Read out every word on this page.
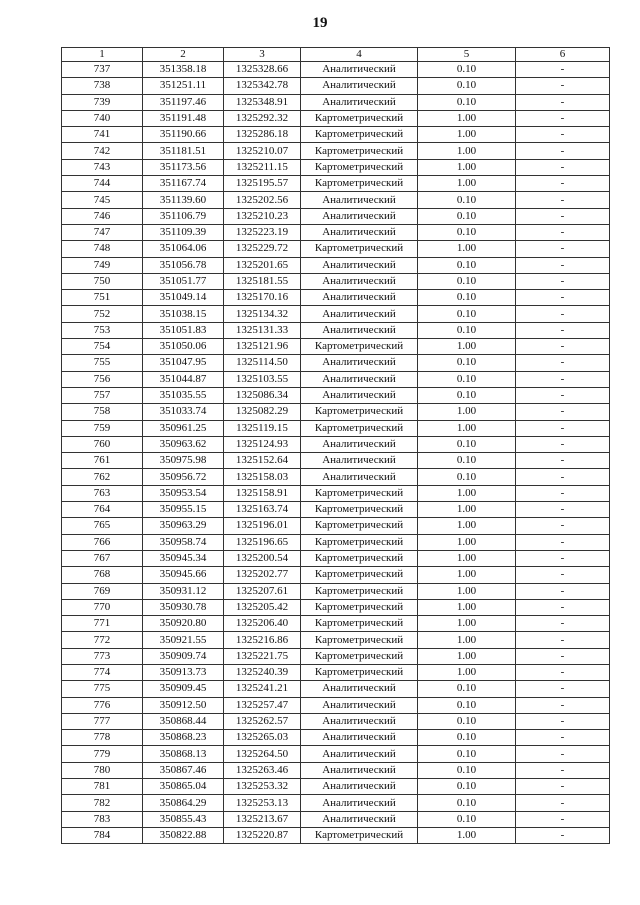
19
1	2	3	4	5	6
737	351358.18	1325328.66	Аналитический	0.10	-
738	351251.11	1325342.78	Аналитический	0.10	-
739	351197.46	1325348.91	Аналитический	0.10	-
740	351191.48	1325292.32	Картометрический	1.00	-
741	351190.66	1325286.18	Картометрический	1.00	-
742	351181.51	1325210.07	Картометрический	1.00	-
743	351173.56	1325211.15	Картометрический	1.00	-
744	351167.74	1325195.57	Картометрический	1.00	-
745	351139.60	1325202.56	Аналитический	0.10	-
746	351106.79	1325210.23	Аналитический	0.10	-
747	351109.39	1325223.19	Аналитический	0.10	-
748	351064.06	1325229.72	Картометрический	1.00	-
749	351056.78	1325201.65	Аналитический	0.10	-
750	351051.77	1325181.55	Аналитический	0.10	-
751	351049.14	1325170.16	Аналитический	0.10	-
752	351038.15	1325134.32	Аналитический	0.10	-
753	351051.83	1325131.33	Аналитический	0.10	-
754	351050.06	1325121.96	Картометрический	1.00	-
755	351047.95	1325114.50	Аналитический	0.10	-
756	351044.87	1325103.55	Аналитический	0.10	-
757	351035.55	1325086.34	Аналитический	0.10	-
758	351033.74	1325082.29	Картометрический	1.00	-
759	350961.25	1325119.15	Картометрический	1.00	-
760	350963.62	1325124.93	Аналитический	0.10	-
761	350975.98	1325152.64	Аналитический	0.10	-
762	350956.72	1325158.03	Аналитический	0.10	-
763	350953.54	1325158.91	Картометрический	1.00	-
764	350955.15	1325163.74	Картометрический	1.00	-
765	350963.29	1325196.01	Картометрический	1.00	-
766	350958.74	1325196.65	Картометрический	1.00	-
767	350945.34	1325200.54	Картометрический	1.00	-
768	350945.66	1325202.77	Картометрический	1.00	-
769	350931.12	1325207.61	Картометрический	1.00	-
770	350930.78	1325205.42	Картометрический	1.00	-
771	350920.80	1325206.40	Картометрический	1.00	-
772	350921.55	1325216.86	Картометрический	1.00	-
773	350909.74	1325221.75	Картометрический	1.00	-
774	350913.73	1325240.39	Картометрический	1.00	-
775	350909.45	1325241.21	Аналитический	0.10	-
776	350912.50	1325257.47	Аналитический	0.10	-
777	350868.44	1325262.57	Аналитический	0.10	-
778	350868.23	1325265.03	Аналитический	0.10	-
779	350868.13	1325264.50	Аналитический	0.10	-
780	350867.46	1325263.46	Аналитический	0.10	-
781	350865.04	1325253.32	Аналитический	0.10	-
782	350864.29	1325253.13	Аналитический	0.10	-
783	350855.43	1325213.67	Аналитический	0.10	-
784	350822.88	1325220.87	Картометрический	1.00	-
